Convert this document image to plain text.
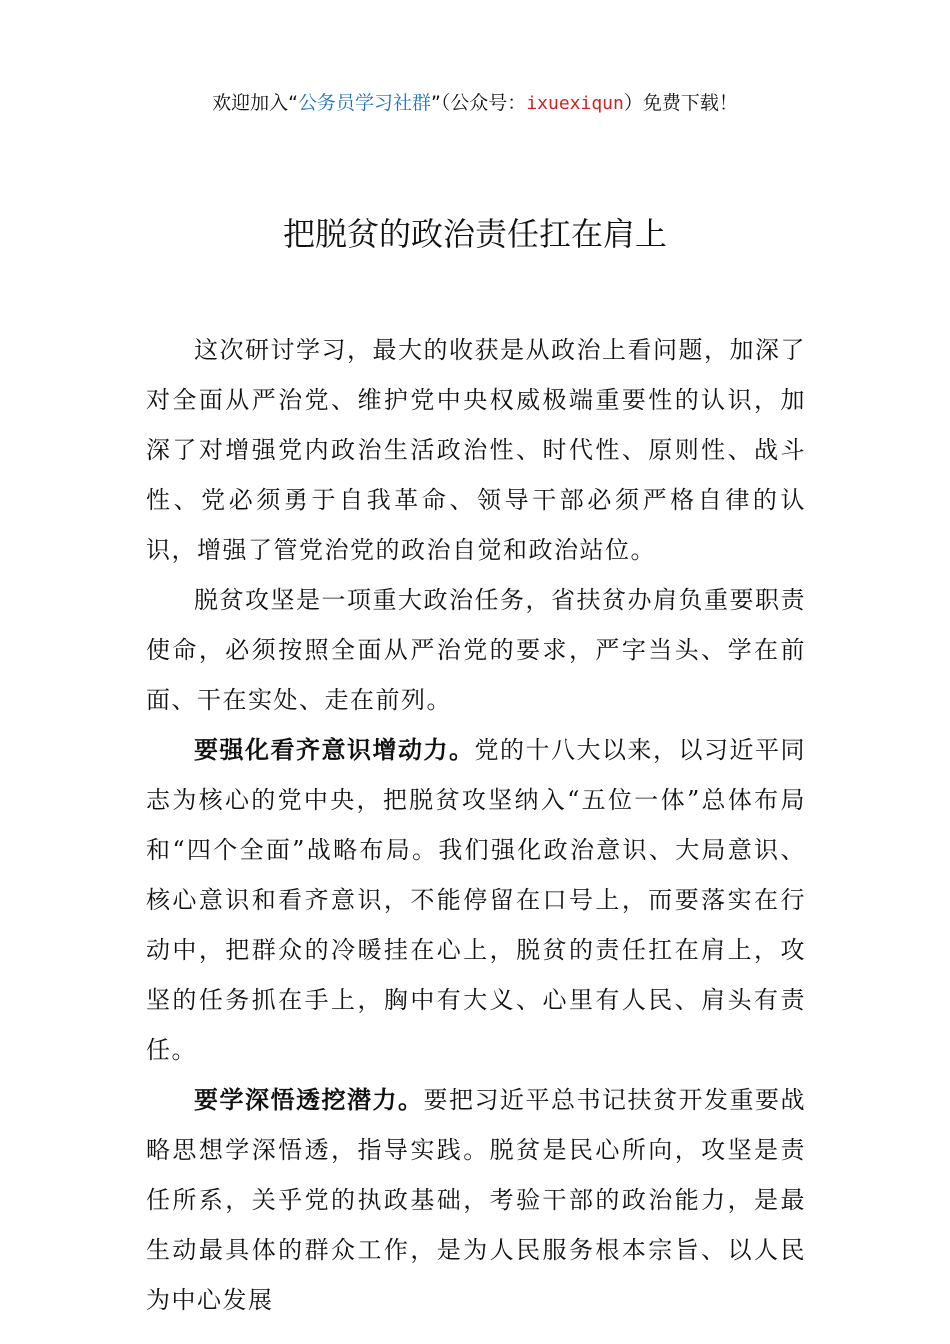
欢迎加入“公务员学习社群”（公众号：ixuexiqun）免费下载！
把脱贫的政治责任扛在肩上

这次研讨学习，最大的收获是从政治上看问题，加深了对全面从严治党、维护党中央权威极端重要性的认识，加深了对增强党内政治生活政治性、时代性、原则性、战斗性、党必须勇于自我革命、领导干部必须严格自律的认识，增强了管党治党的政治自觉和政治站位。

脱贫攻坚是一项重大政治任务，省扶贫办肩负重要职责使命，必须按照全面从严治党的要求，严字当头、学在前面、干在实处、走在前列。

要强化看齐意识增动力。党的十八大以来，以习近平同志为核心的党中央，把脱贫攻坚纳入“五位一体”总体布局和“四个全面”战略布局。我们强化政治意识、大局意识、核心意识和看齐意识，不能停留在口号上，而要落实在行动中，把群众的冷暖挂在心上，脱贫的责任扛在肩上，攻坚的任务抓在手上，胸中有大义、心里有人民、肩头有责任。

要学深悟透挖潜力。要把习近平总书记扶贫开发重要战略思想学深悟透，指导实践。脱贫是民心所向，攻坚是责任所系，关乎党的执政基础，考验干部的政治能力，是最生动最具体的群众工作，是为人民服务根本宗旨、以人民为中心发展
